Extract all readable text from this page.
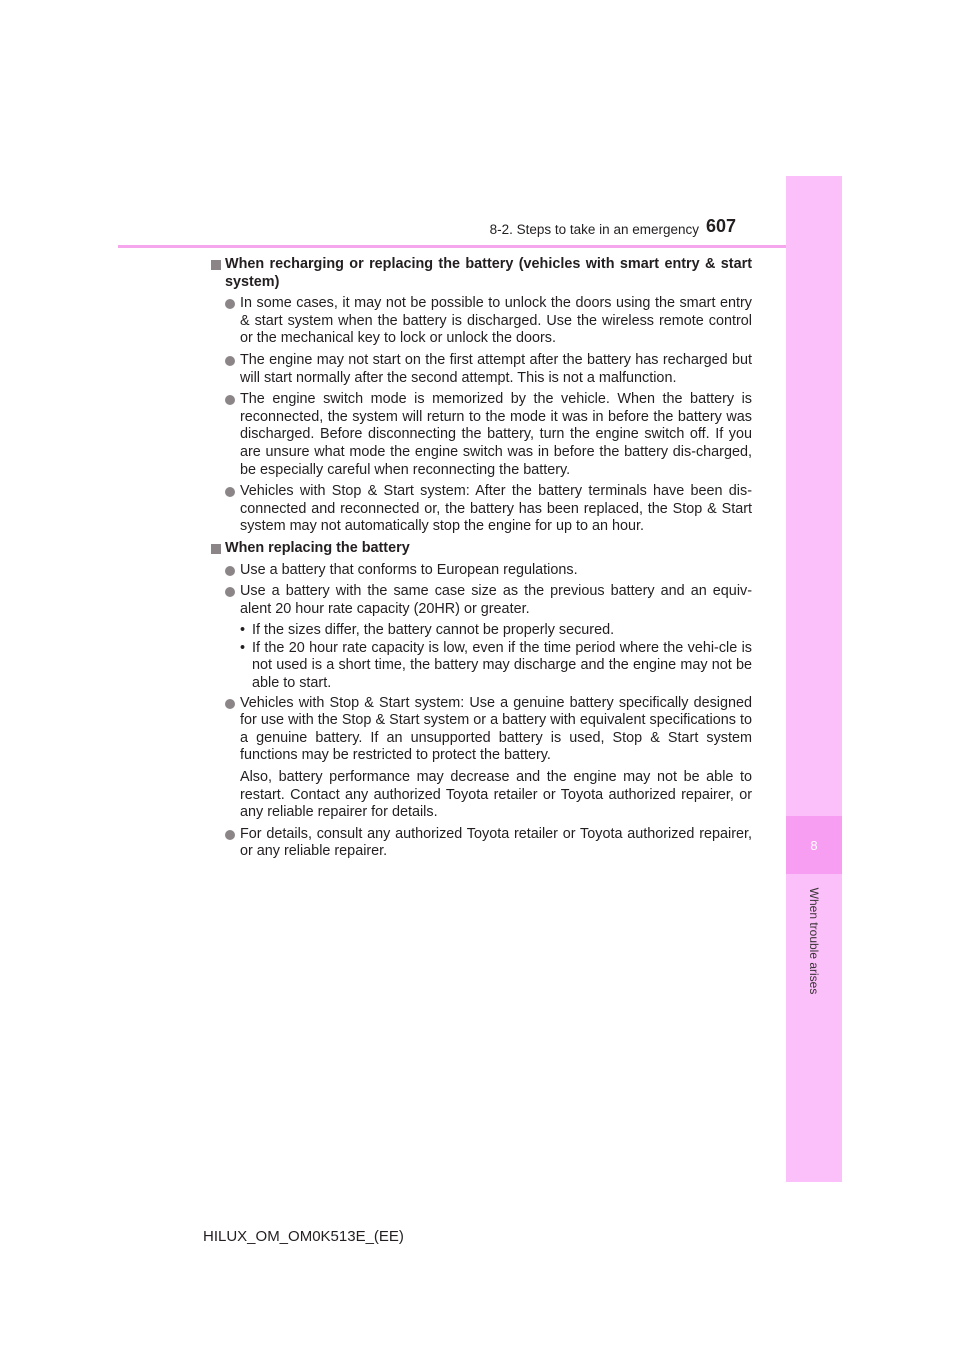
8
When trouble arises
8-2. Steps to take in an emergency 607
When recharging or replacing the battery (vehicles with smart entry & start system)
In some cases, it may not be possible to unlock the doors using the smart entry & start system when the battery is discharged. Use the wireless remote control or the mechanical key to lock or unlock the doors.
The engine may not start on the first attempt after the battery has recharged but will start normally after the second attempt. This is not a malfunction.
The engine switch mode is memorized by the vehicle. When the battery is reconnected, the system will return to the mode it was in before the battery was discharged. Before disconnecting the battery, turn the engine switch off. If you are unsure what mode the engine switch was in before the battery dis-charged, be especially careful when reconnecting the battery.
Vehicles with Stop & Start system: After the battery terminals have been dis-connected and reconnected or, the battery has been replaced, the Stop & Start system may not automatically stop the engine for up to an hour.
When replacing the battery
Use a battery that conforms to European regulations.
Use a battery with the same case size as the previous battery and an equiv-alent 20 hour rate capacity (20HR) or greater.
• If the sizes differ, the battery cannot be properly secured.
• If the 20 hour rate capacity is low, even if the time period where the vehi-cle is not used is a short time, the battery may discharge and the engine may not be able to start.
Vehicles with Stop & Start system: Use a genuine battery specifically designed for use with the Stop & Start system or a battery with equivalent specifications to a genuine battery. If an unsupported battery is used, Stop & Start system functions may be restricted to protect the battery.
Also, battery performance may decrease and the engine may not be able to restart. Contact any authorized Toyota retailer or Toyota authorized repairer, or any reliable repairer for details.
For details, consult any authorized Toyota retailer or Toyota authorized repairer, or any reliable repairer.
HILUX_OM_OM0K513E_(EE)
